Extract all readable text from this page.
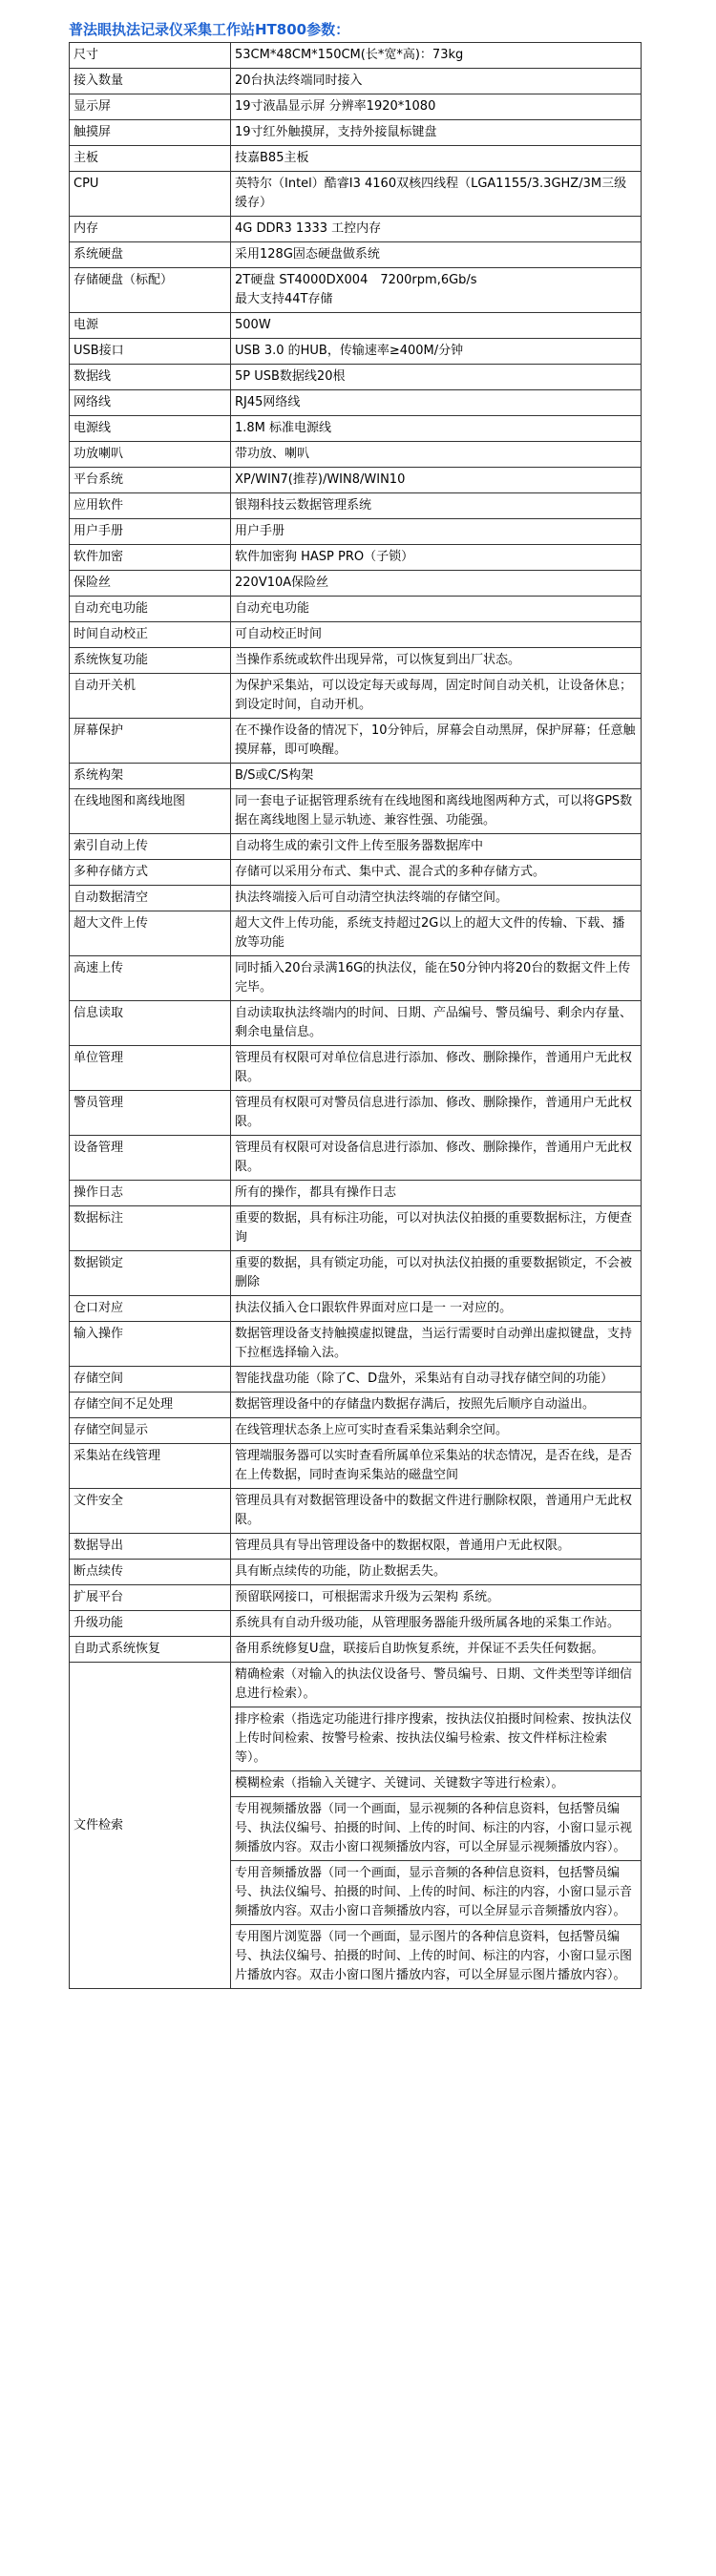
普法眼执法记录仪采集工作站HT800参数：
尺寸	53CM*48CM*150CM(长*宽*高)：73kg
接入数量	20台执法终端同时接入
显示屏	19寸液晶显示屏 分辨率1920*1080
触摸屏	19寸红外触摸屏，支持外接鼠标键盘
主板	技嘉B85主板
CPU	英特尔（Intel）酷睿I3 4160双核四线程（LGA1155/3.3GHZ/3M三级缓存）
内存	4G DDR3 1333 工控内存
系统硬盘	采用128G固态硬盘做系统
存储硬盘（标配）	2T硬盘 ST4000DX004　7200rpm,6Gb/s
最大支持44T存储
电源	500W
USB接口	USB 3.0 的HUB，传输速率≥400M/分钟
数据线	5P USB数据线20根
网络线	RJ45网络线
电源线	1.8M 标准电源线
功放喇叭	带功放、喇叭
平台系统	XP/WIN7(推荐)/WIN8/WIN10
应用软件	银翔科技云数据管理系统
用户手册	用户手册
软件加密	软件加密狗 HASP PRO（子锁）
保险丝	220V10A保险丝
自动充电功能	自动充电功能
时间自动校正	可自动校正时间
系统恢复功能	当操作系统或软件出现异常，可以恢复到出厂状态。
自动开关机	为保护采集站，可以设定每天或每周，固定时间自动关机，让设备休息；到设定时间，自动开机。
屏幕保护	在不操作设备的情况下，10分钟后，屏幕会自动黑屏，保护屏幕；任意触摸屏幕，即可唤醒。
系统构架	B/S或C/S构架
在线地图和离线地图	同一套电子证据管理系统有在线地图和离线地图两种方式，可以将GPS数据在离线地图上显示轨迹、兼容性强、功能强。
索引自动上传	自动将生成的索引文件上传至服务器数据库中
多种存储方式	存储可以采用分布式、集中式、混合式的多种存储方式。
自动数据清空	执法终端接入后可自动清空执法终端的存储空间。
超大文件上传	超大文件上传功能，系统支持超过2G以上的超大文件的传输、下载、播放等功能
高速上传	同时插入20台录满16G的执法仪，能在50分钟内将20台的数据文件上传完毕。
信息读取	自动读取执法终端内的时间、日期、产品编号、警员编号、剩余内存量、剩余电量信息。
单位管理	管理员有权限可对单位信息进行添加、修改、删除操作，普通用户无此权限。
警员管理	管理员有权限可对警员信息进行添加、修改、删除操作，普通用户无此权限。
设备管理	管理员有权限可对设备信息进行添加、修改、删除操作，普通用户无此权限。
操作日志	所有的操作，都具有操作日志
数据标注	重要的数据，具有标注功能，可以对执法仪拍摄的重要数据标注，方便查询
数据锁定	重要的数据，具有锁定功能，可以对执法仪拍摄的重要数据锁定，不会被删除
仓口对应	执法仪插入仓口跟软件界面对应口是一 一对应的。
输入操作	数据管理设备支持触摸虚拟键盘，当运行需要时自动弹出虚拟键盘，支持下拉框选择输入法。
存储空间	智能找盘功能（除了C、D盘外，采集站有自动寻找存储空间的功能）
存储空间不足处理	数据管理设备中的存储盘内数据存满后，按照先后顺序自动溢出。
存储空间显示	在线管理状态条上应可实时查看采集站剩余空间。
采集站在线管理	管理端服务器可以实时查看所属单位采集站的状态情况，是否在线，是否在上传数据，同时查询采集站的磁盘空间
文件安全	管理员具有对数据管理设备中的数据文件进行删除权限，普通用户无此权限。
数据导出	管理员具有导出管理设备中的数据权限，普通用户无此权限。
断点续传	具有断点续传的功能，防止数据丢失。
扩展平台	预留联网接口，可根据需求升级为云架构 系统。
升级功能	系统具有自动升级功能，从管理服务器能升级所属各地的采集工作站。
自助式系统恢复	备用系统修复U盘，联接后自助恢复系统，并保证不丢失任何数据。
文件检索	精确检索（对输入的执法仪设备号、警员编号、日期、文件类型等详细信息进行检索）。
	排序检索（指选定功能进行排序搜索，按执法仪拍摄时间检索、按执法仪上传时间检索、按警号检索、按执法仪编号检索、按文件样标注检索等）。
	模糊检索（指输入关键字、关键词、关键数字等进行检索）。
	专用视频播放器（同一个画面，显示视频的各种信息资料，包括警员编号、执法仪编号、拍摄的时间、上传的时间、标注的内容，小窗口显示视频播放内容。双击小窗口视频播放内容，可以全屏显示视频播放内容）。
	专用音频播放器（同一个画面，显示音频的各种信息资料，包括警员编号、执法仪编号、拍摄的时间、上传的时间、标注的内容，小窗口显示音频播放内容。双击小窗口音频播放内容，可以全屏显示音频播放内容）。
	专用图片浏览器（同一个画面，显示图片的各种信息资料，包括警员编号、执法仪编号、拍摄的时间、上传的时间、标注的内容，小窗口显示图片播放内容。双击小窗口图片播放内容，可以全屏显示图片播放内容）。
